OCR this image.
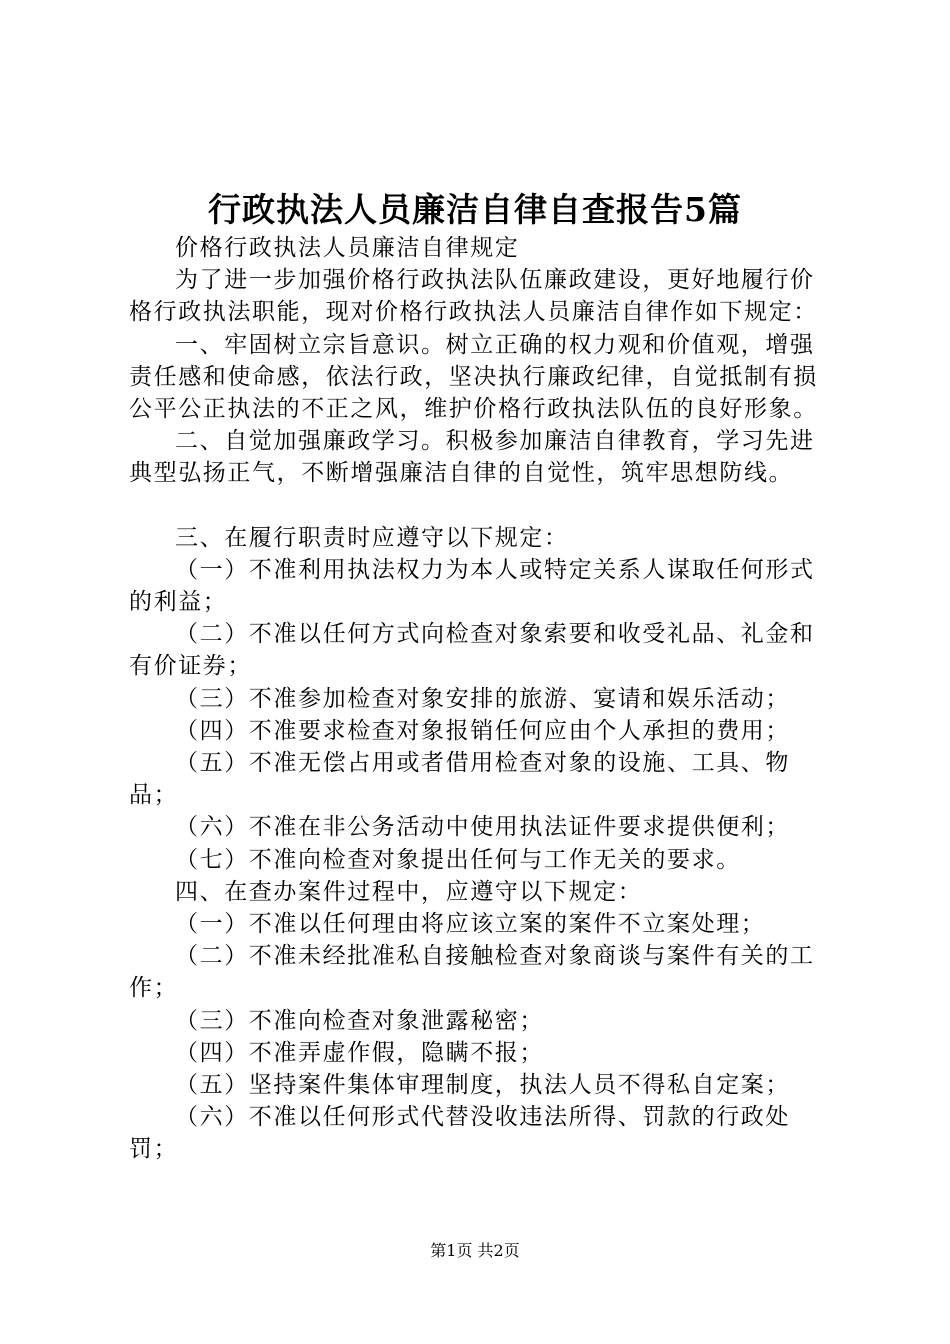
行政执法人员廉洁自律自查报告5篇

价格行政执法人员廉洁自律规定

为了进一步加强价格行政执法队伍廉政建设，更好地履行价格行政执法职能，现对价格行政执法人员廉洁自律作如下规定：

一、牢固树立宗旨意识。树立正确的权力观和价值观，增强责任感和使命感，依法行政，坚决执行廉政纪律，自觉抵制有损公平公正执法的不正之风，维护价格行政执法队伍的良好形象。

二、自觉加强廉政学习。积极参加廉洁自律教育，学习先进典型弘扬正气，不断增强廉洁自律的自觉性，筑牢思想防线。

三、在履行职责时应遵守以下规定：

（一）不准利用执法权力为本人或特定关系人谋取任何形式的利益；

（二）不准以任何方式向检查对象索要和收受礼品、礼金和有价证券；

（三）不准参加检查对象安排的旅游、宴请和娱乐活动；

（四）不准要求检查对象报销任何应由个人承担的费用；

（五）不准无偿占用或者借用检查对象的设施、工具、物品；

（六）不准在非公务活动中使用执法证件要求提供便利；

（七）不准向检查对象提出任何与工作无关的要求。

四、在查办案件过程中，应遵守以下规定：

（一）不准以任何理由将应该立案的案件不立案处理；

（二）不准未经批准私自接触检查对象商谈与案件有关的工作；

（三）不准向检查对象泄露秘密；

（四）不准弄虚作假，隐瞒不报；

（五）坚持案件集体审理制度，执法人员不得私自定案；

（六）不准以任何形式代替没收违法所得、罚款的行政处罚；

第1页 共2页
